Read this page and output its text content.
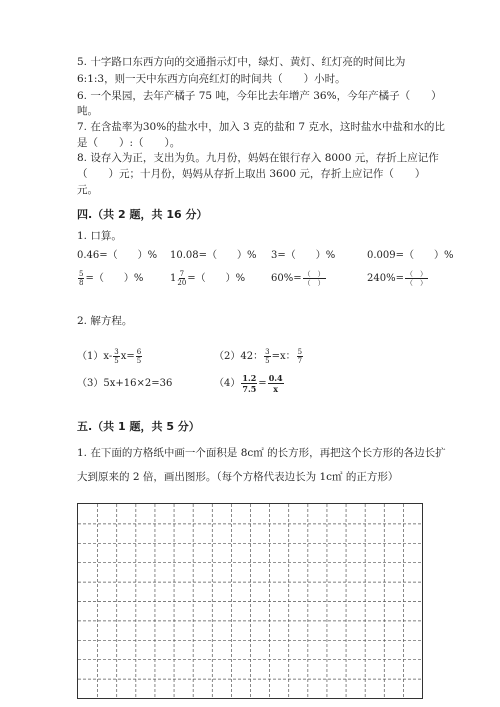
5. 十字路口东西方向的交通指示灯中，绿灯、黄灯、红灯亮的时间比为
6:1:3，则一天中东西方向亮红灯的时间共（　　）小时。
6. 一个果园，去年产橘子 75 吨，今年比去年增产 36%，今年产橘子（　　）
吨。
7. 在含盐率为30%的盐水中，加入 3 克的盐和 7 克水，这时盐水中盐和水的比
是（　　）:（　　）。
8. 设存入为正，支出为负。九月份，妈妈在银行存入 8000 元，存折上应记作
（　　）元；十月份，妈妈从存折上取出 3600 元，存折上应记作（　　）
元。
四.（共 2 题，共 16 分）
1. 口算。
0.46=（　　）% 10.08=（　　）% 3=（　　）%	0.009=（　　）%
$\frac{5}{8}$ =（　　）%	$1 \frac{7}{20}$ =（　　）%	$60\%= \frac{( )}{( )}$	$240\%= \frac{( )}{( )}$
2. 解方程。
$(1)x- \frac{3}{5} x= \frac{6}{5}$	（2）42： $\frac{3}{5} =x$： $\frac{5}{7}$
（3）5x+16×2=36	$(4) \frac{1.2}{7.5} = \frac{0.4}{x}$
五.（共 1 题，共 5 分）
1. 在下面的方格纸中画一个面积是 8c㎡ 的长方形，再把这个长方形的各边长扩
大到原来的 2 倍，画出图形。（每个方格代表边长为 1c㎡ 的正方形）
